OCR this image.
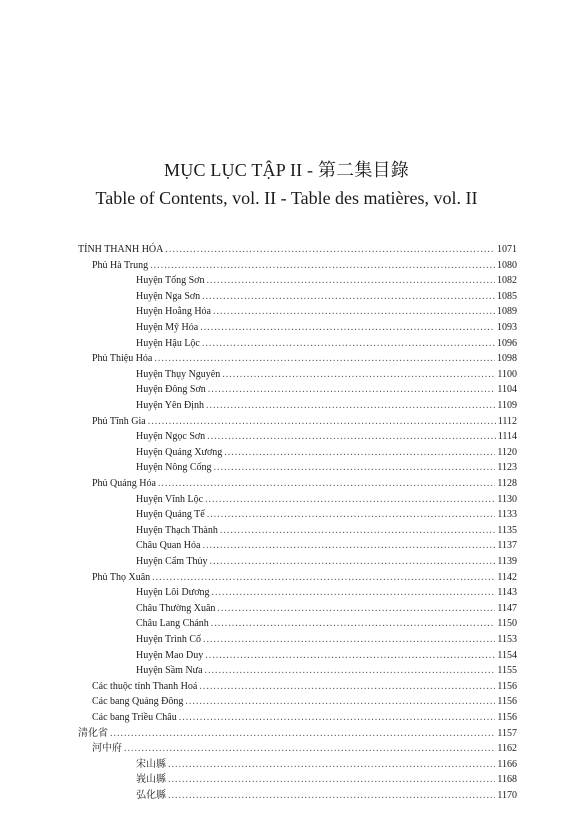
MỤC LỤC TẬP II - 第二集目錄
Table of Contents, vol. II - Table des matières, vol. II
TỈNH THANH HÓA .....	1071
Phủ Hà Trung .....	1080
Huyện Tống Sơn .....	1082
Huyện Nga Sơn .....	1085
Huyện Hoằng Hóa .....	1089
Huyện Mỹ Hóa .....	1093
Huyện Hậu Lộc .....	1096
Phủ Thiệu Hóa .....	1098
Huyện Thụy Nguyên .....	1100
Huyện Đông Sơn .....	1104
Huyện Yên Định .....	1109
Phủ Tĩnh Gia .....	1112
Huyện Ngọc Sơn .....	1114
Huyện Quảng Xương .....	1120
Huyện Nông Cống .....	1123
Phủ Quảng Hóa .....	1128
Huyện Vĩnh Lộc .....	1130
Huyện Quảng Tế .....	1133
Huyện Thạch Thành .....	1135
Châu Quan Hóa .....	1137
Huyện Cẩm Thủy .....	1139
Phủ Thọ Xuân .....	1142
Huyện Lôi Dương .....	1143
Châu Thường Xuân .....	1147
Châu Lang Chánh .....	1150
Huyện Trình Cố .....	1153
Huyện Mao Duy .....	1154
Huyện Sầm Nưa .....	1155
Các thuộc tỉnh Thanh Hoá .....	1156
Các bang Quảng Đông .....	1156
Các bang Triều Châu .....	1156
清化省 .....	1157
河中府 .....	1162
宋山縣 .....	1166
峩山縣 .....	1168
弘化縣 .....	1170
